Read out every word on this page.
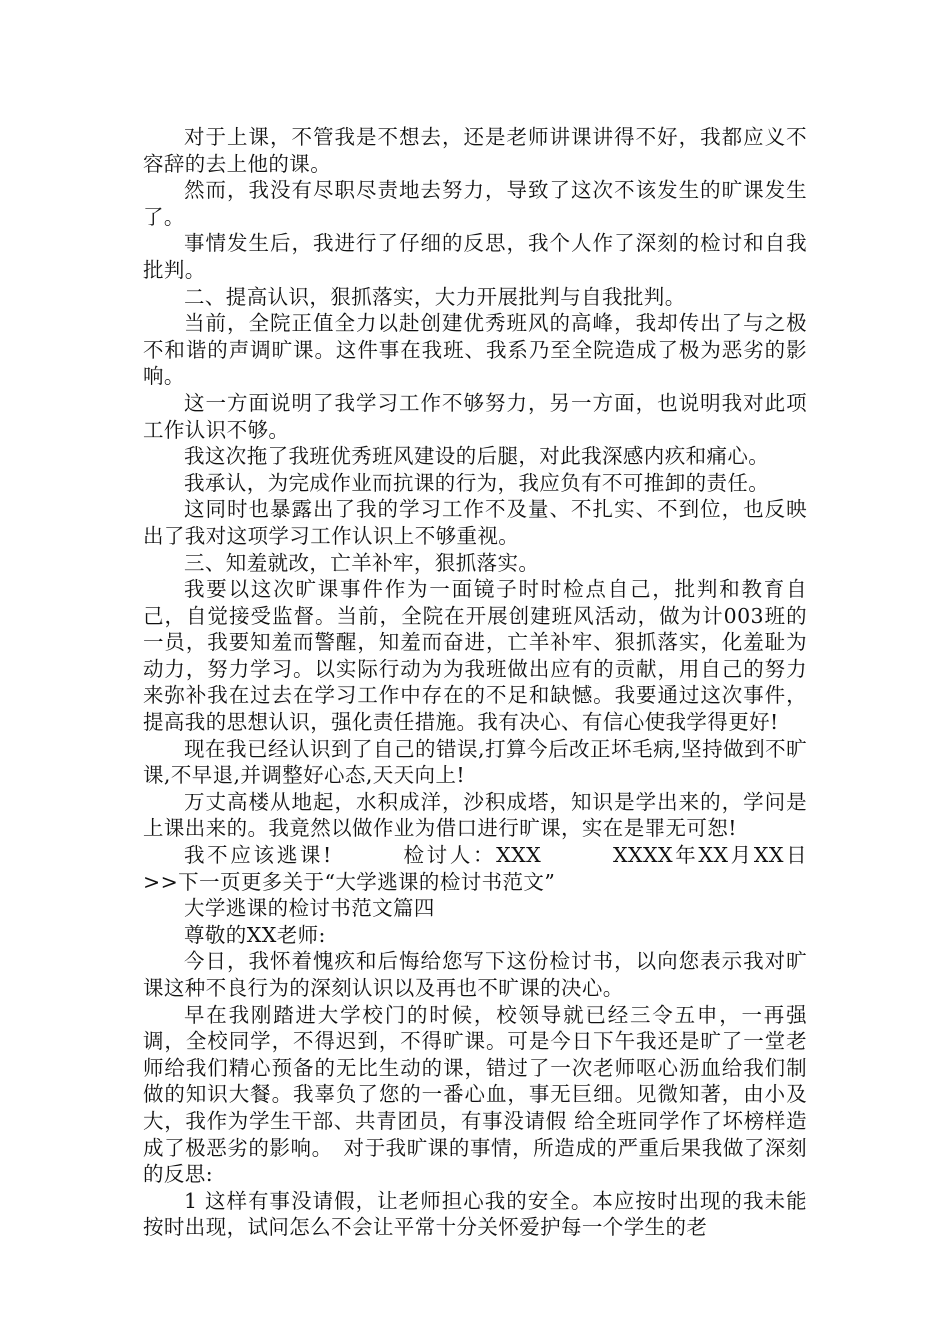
对于上课，不管我是不想去，还是老师讲课讲得不好，我都应义不容辞的去上他的课。

然而，我没有尽职尽责地去努力，导致了这次不该发生的旷课发生了。

事情发生后，我进行了仔细的反思，我个人作了深刻的检讨和自我批判。

二、提高认识，狠抓落实，大力开展批判与自我批判。

当前，全院正值全力以赴创建优秀班风的高峰，我却传出了与之极不和谐的声调旷课。这件事在我班、我系乃至全院造成了极为恶劣的影响。

这一方面说明了我学习工作不够努力，另一方面，也说明我对此项工作认识不够。

我这次拖了我班优秀班风建设的后腿，对此我深感内疚和痛心。

我承认，为完成作业而抗课的行为，我应负有不可推卸的责任。

这同时也暴露出了我的学习工作不及量、不扎实、不到位，也反映出了我对这项学习工作认识上不够重视。

三、知羞就改，亡羊补牢，狠抓落实。

我要以这次旷课事件作为一面镜子时时检点自己，批判和教育自己，自觉接受监督。当前，全院在开展创建班风活动，做为计003班的一员，我要知羞而警醒，知羞而奋进，亡羊补牢、狠抓落实，化羞耻为动力，努力学习。以实际行动为为我班做出应有的贡献，用自己的努力来弥补我在过去在学习工作中存在的不足和缺憾。我要通过这次事件，提高我的思想认识，强化责任措施。我有决心、有信心使我学得更好!

现在我已经认识到了自己的错误,打算今后改正坏毛病,坚持做到不旷课,不早退,并调整好心态,天天向上!

万丈高楼从地起，水积成洋，沙积成塔，知识是学出来的，学问是上课出来的。我竟然以做作业为借口进行旷课，实在是罪无可恕!

我不应该逃课!　　　检讨人：XXX　　　XXXX年XX月XX日　　　>>下一页更多关于“大学逃课的检讨书范文”

大学逃课的检讨书范文篇四

尊敬的XX老师:

今日，我怀着愧疚和后悔给您写下这份检讨书，以向您表示我对旷课这种不良行为的深刻认识以及再也不旷课的决心。

早在我刚踏进大学校门的时候，校领导就已经三令五申，一再强调，全校同学，不得迟到，不得旷课。可是今日下午我还是旷了一堂老师给我们精心预备的无比生动的课，错过了一次老师呕心沥血给我们制做的知识大餐。我辜负了您的一番心血，事无巨细。见微知著，由小及大，我作为学生干部、共青团员，有事没请假 给全班同学作了坏榜样造成了极恶劣的影响。　对于我旷课的事情，所造成的严重后果我做了深刻的反思:

1 这样有事没请假，让老师担心我的安全。本应按时出现的我未能按时出现，试问怎么不会让平常十分关怀爱护每一个学生的老
